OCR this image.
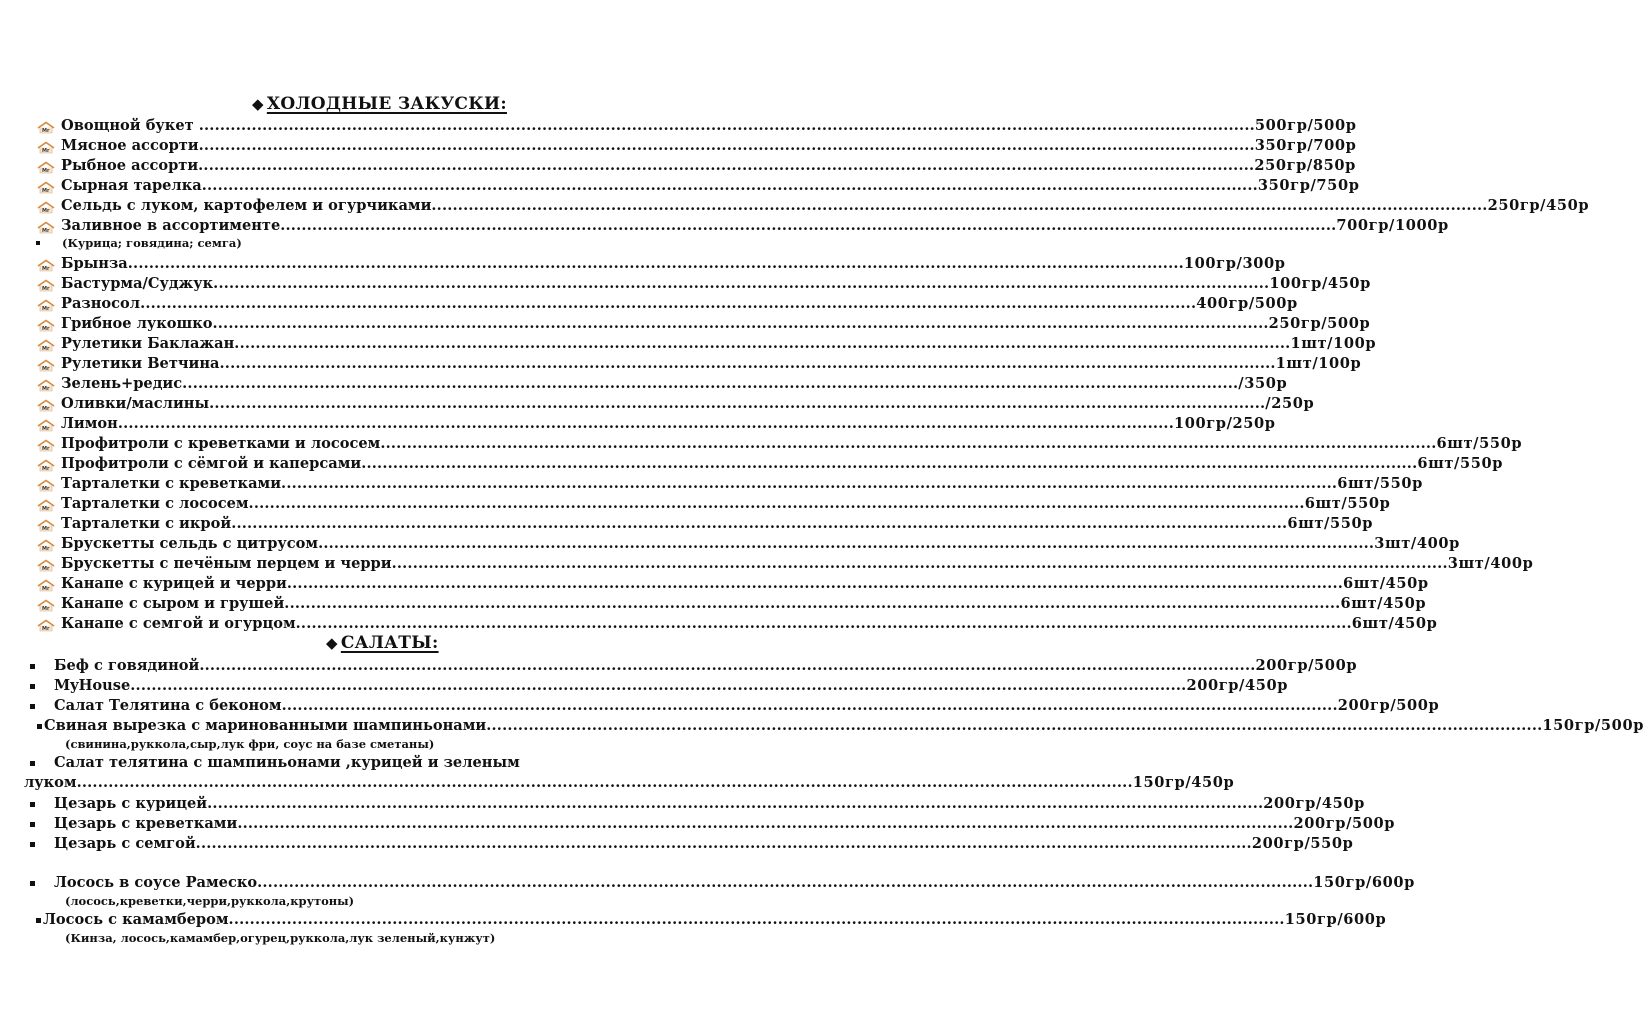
◆ ХОЛОДНЫЕ ЗАКУСКИ:
Mr Овощной букет ........................................................................................................................................................................................................ 500гр/500р
Mr Мясное ассорти ........................................................................................................................................................................................................ 350гр/700р
Mr Рыбное ассорти ........................................................................................................................................................................................................ 250гр/850р
Mr Сырная тарелка ........................................................................................................................................................................................................ 350гр/750р
Mr Сельдь с луком, картофелем и огурчиками ........................................................................................................................................................................................................ 250гр/450р
Mr Заливное в ассортименте ........................................................................................................................................................................................................ 700гр/1000р
Mr Брынза ........................................................................................................................................................................................................ 100гр/300р
Mr Бастурма/Суджук ........................................................................................................................................................................................................ 100гр/450р
Mr Разносол ........................................................................................................................................................................................................ 400гр/500р
Mr Грибное лукошко ........................................................................................................................................................................................................ 250гр/500р
Mr Рулетики Баклажан ........................................................................................................................................................................................................ 1шт/100р
Mr Рулетики Ветчина ........................................................................................................................................................................................................ 1шт/100р
Mr Зелень+редис ........................................................................................................................................................................................................ /350р
Mr Оливки/маслины ........................................................................................................................................................................................................ /250р
Mr Лимон ........................................................................................................................................................................................................ 100гр/250р
Mr Профитроли с креветками и лососем ........................................................................................................................................................................................................ 6шт/550р
Mr Профитроли с сёмгой и каперсами ........................................................................................................................................................................................................ 6шт/550р
Mr Тарталетки с креветками ........................................................................................................................................................................................................ 6шт/550р
Mr Тарталетки с лососем ........................................................................................................................................................................................................ 6шт/550р
Mr Тарталетки с икрой ........................................................................................................................................................................................................ 6шт/550р
Mr Брускетты сельдь с цитрусом ........................................................................................................................................................................................................ 3шт/400р
Mr Брускетты с печёным перцем и черри ........................................................................................................................................................................................................ 3шт/400р
Mr Канапе с курицей и черри ........................................................................................................................................................................................................ 6шт/450р
Mr Канапе с сыром и грушей ........................................................................................................................................................................................................ 6шт/450р
Mr Канапе с семгой и огурцом ........................................................................................................................................................................................................ 6шт/450р
(Курица; говядина; семга)
◆ САЛАТЫ:
Беф с говядиной ........................................................................................................................................................................................................ 200гр/500р
MyHouse ........................................................................................................................................................................................................ 200гр/450р
Салат Телятина с беконом ........................................................................................................................................................................................................ 200гр/500р
Свиная вырезка с маринованными шампиньонами ........................................................................................................................................................................................................ 150гр/500р
(свинина,руккола,сыр,лук фри, соус на базе сметаны)
Салат телятина с шампиньонами ,курицей и зеленым
луком ........................................................................................................................................................................................................ 150гр/450р
Цезарь с курицей ........................................................................................................................................................................................................ 200гр/450р
Цезарь с креветками ........................................................................................................................................................................................................ 200гр/500р
Цезарь с семгой ........................................................................................................................................................................................................ 200гр/550р
Лосось в соусе Рамеско ........................................................................................................................................................................................................ 150гр/600р
(лосось,креветки,черри,руккола,крутоны)
Лосось с камамбером ........................................................................................................................................................................................................ 150гр/600р
(Кинза, лосось,камамбер,огурец,руккола,лук зеленый,кунжут)
